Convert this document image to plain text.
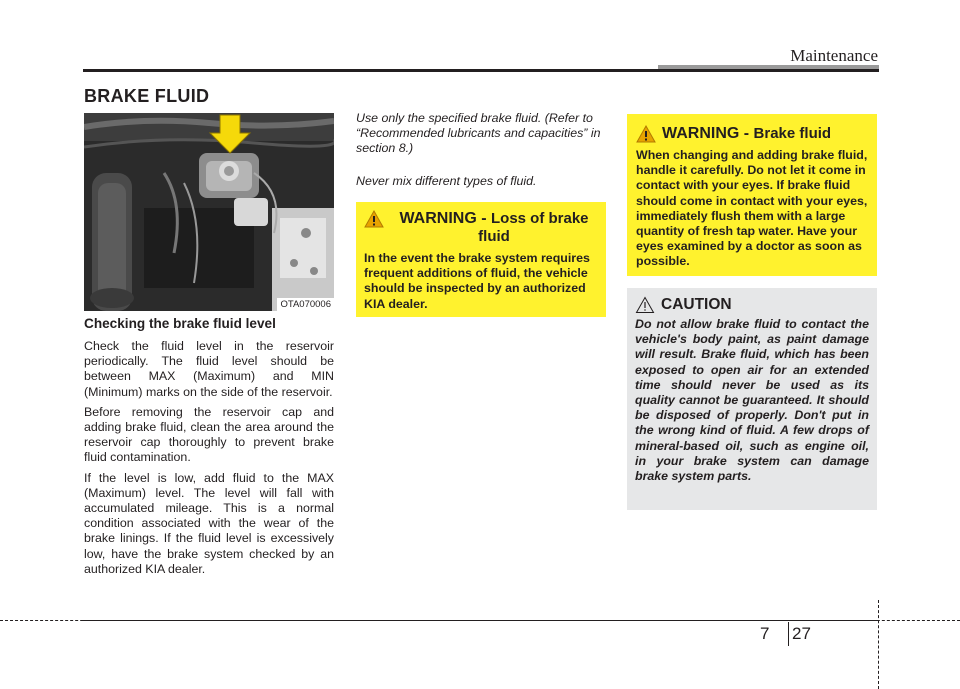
Maintenance
BRAKE FLUID
OTA070006
Checking the brake fluid level

Check the fluid level in the reservoir periodically. The fluid level should be between MAX (Maximum) and MIN (Minimum) marks on the side of the reservoir.

Before removing the reservoir cap and adding brake fluid, clean the area around the reservoir cap thoroughly to prevent brake fluid contamination.

If the level is low, add fluid to the MAX (Maximum) level. The level will fall with accumulated mileage. This is a normal condition associated with the wear of the brake linings. If the fluid level is excessively low, have the brake system checked by an authorized KIA dealer.

Use only the specified brake fluid. (Refer to “Recommended lubricants and capacities” in section 8.)

Never mix different types of fluid.

WARNING - Loss of brake fluid
In the event the brake system requires frequent additions of fluid, the vehicle should be inspected by an authorized KIA dealer.
WARNING - Brake fluid
When changing and adding brake fluid, handle it carefully. Do not let it come in contact with your eyes. If brake fluid should come in contact with your eyes, immediately flush them with a large quantity of fresh tap water. Have your eyes examined by a doctor as soon as possible.
CAUTION
Do not allow brake fluid to contact the vehicle's body paint, as paint damage will result. Brake fluid, which has been exposed to open air for an extended time should never be used as its quality cannot be guaranteed. It should be disposed of properly. Don't put in the wrong kind of fluid. A few drops of mineral-based oil, such as engine oil, in your brake system can damage brake system parts.
7 27
